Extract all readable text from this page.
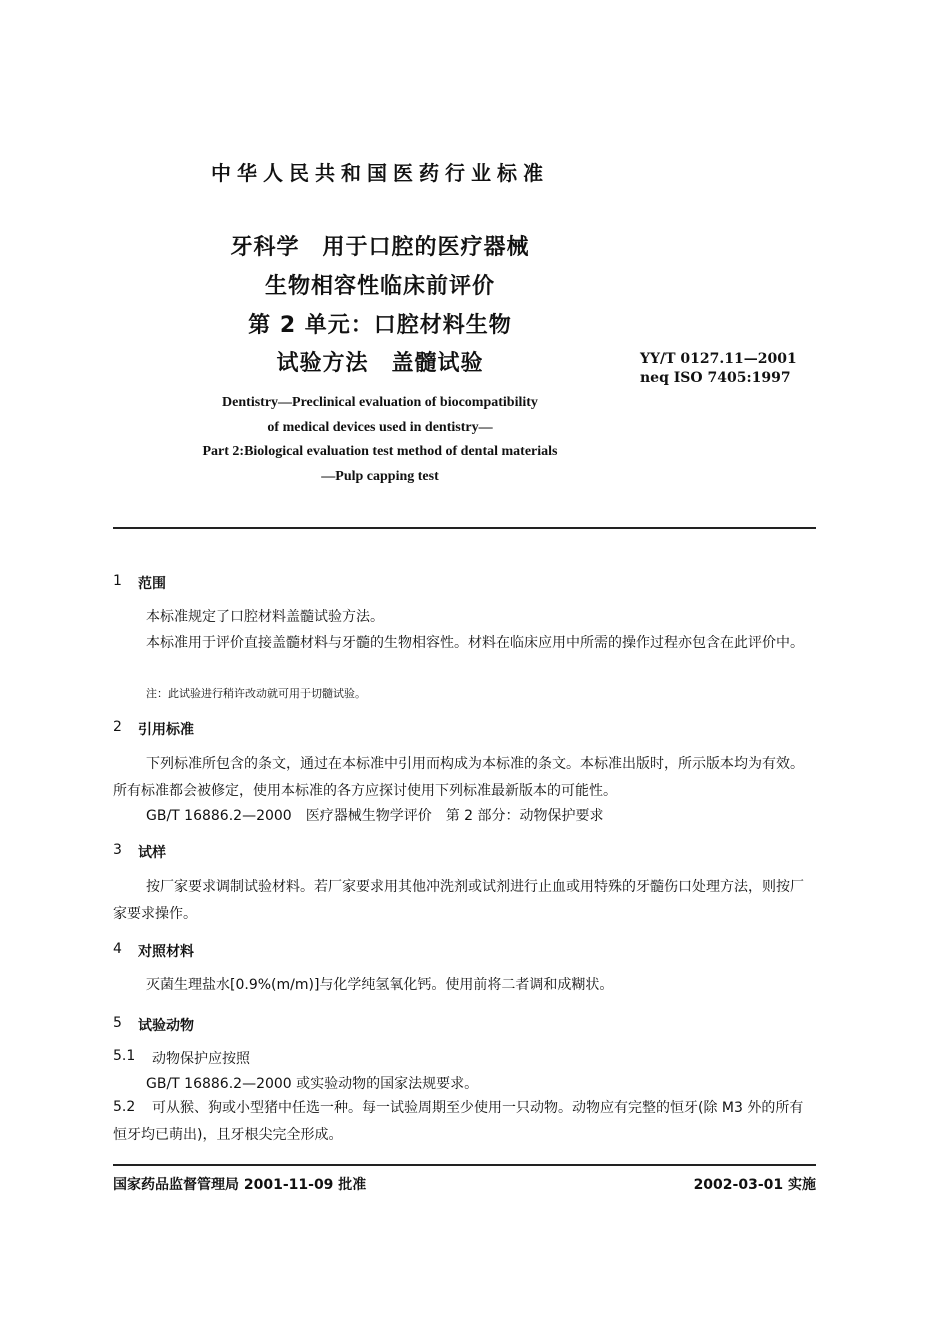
中华人民共和国医药行业标准
牙科学　用于口腔的医疗器械
生物相容性临床前评价
第 2 单元：口腔材料生物
试验方法　盖髓试验	YY/T 0127.11—2001
neq ISO 7405:1997
Dentistry—Preclinical evaluation of biocompatibility
of medical devices used in dentistry—
Part 2:Biological evaluation test method of dental materials
—Pulp capping test
1 范围
本标准规定了口腔材料盖髓试验方法。
本标准用于评价直接盖髓材料与牙髓的生物相容性。材料在临床应用中所需的操作过程亦包含在此评价中。
注：此试验进行稍许改动就可用于切髓试验。
2 引用标准
下列标准所包含的条文，通过在本标准中引用而构成为本标准的条文。本标准出版时，所示版本均为有效。所有标准都会被修定，使用本标准的各方应探讨使用下列标准最新版本的可能性。
GB/T 16886.2—2000　医疗器械生物学评价　第 2 部分：动物保护要求
3 试样
按厂家要求调制试验材料。若厂家要求用其他冲洗剂或试剂进行止血或用特殊的牙髓伤口处理方法，则按厂家要求操作。
4 对照材料
灭菌生理盐水[0.9%(m/m)]与化学纯氢氧化钙。使用前将二者调和成糊状。
5 试验动物
5.1 动物保护应按照
GB/T 16886.2—2000 或实验动物的国家法规要求。
5.2	可从猴、狗或小型猪中任选一种。每一试验周期至少使用一只动物。动物应有完整的恒牙(除 M3 外的所有恒牙均已萌出)，且牙根尖完全形成。
国家药品监督管理局 2001-11-09 批准	2002-03-01 实施
